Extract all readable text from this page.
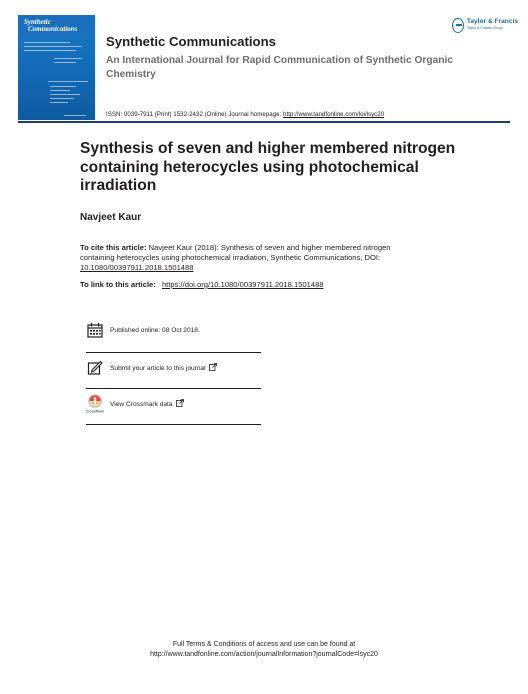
Taylor & Francis
Taylor & Francis Group
Synthetic
Communications
Synthetic Communications
An International Journal for Rapid Communication of Synthetic Organic Chemistry
ISSN: 0039-7911 (Print) 1532-2432 (Online) Journal homepage: http://www.tandfonline.com/loi/lsyc20
Synthesis of seven and higher membered nitrogen containing heterocycles using photochemical irradiation
Navjeet Kaur
To cite this article: Navjeet Kaur (2018): Synthesis of seven and higher membered nitrogen containing heterocycles using photochemical irradiation, Synthetic Communications, DOI: 10.1080/00397911.2018.1501488
To link to this article: https://doi.org/10.1080/00397911.2018.1501488
Published online: 08 Oct 2018.
Submit your article to this journal
CrossMark
View Crossmark data
Full Terms & Conditions of access and use can be found at
http://www.tandfonline.com/action/journalInformation?journalCode=lsyc20
